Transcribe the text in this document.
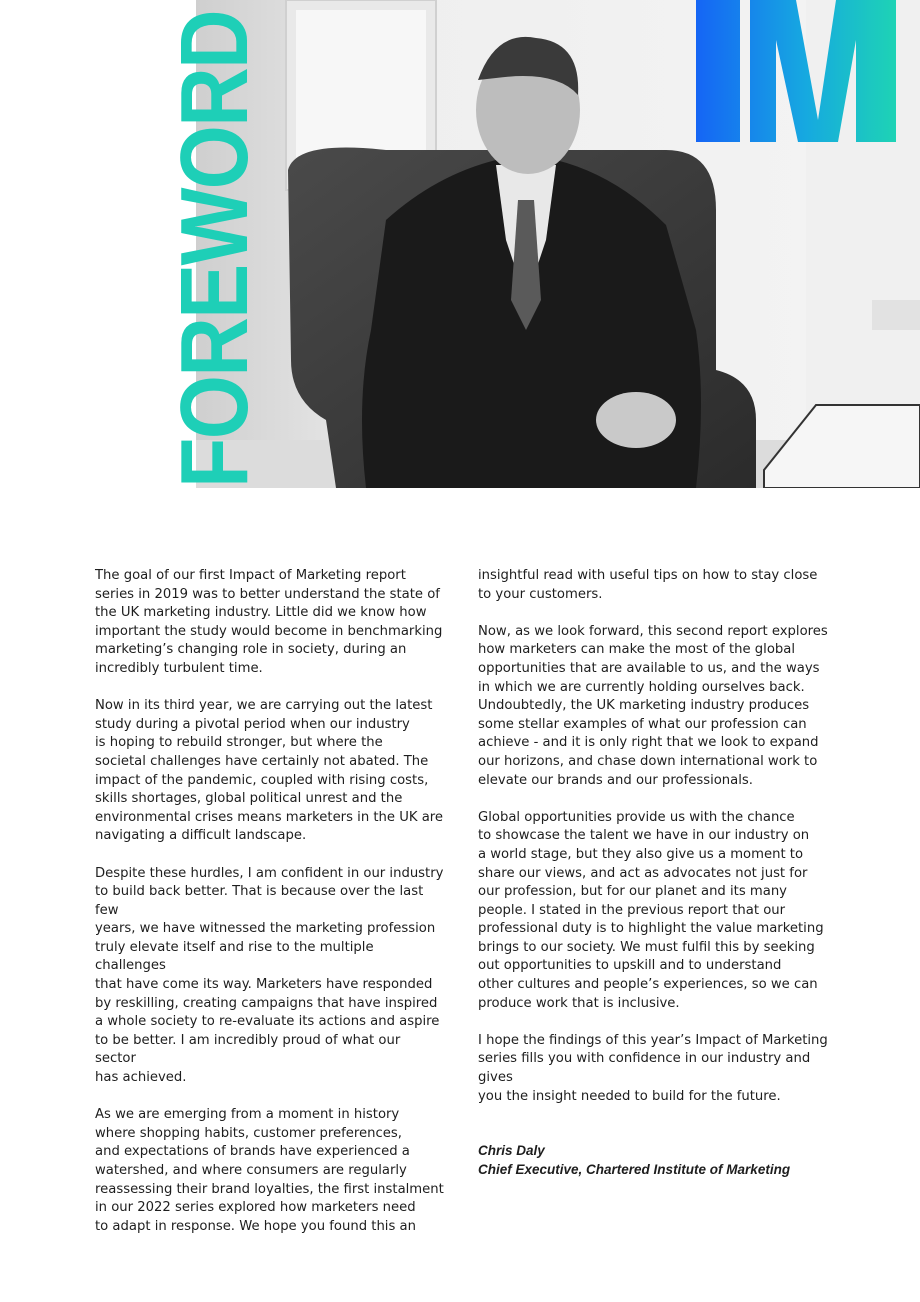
FOREWORD

The goal of our first Impact of Marketing report
series in 2019 was to better understand the state of
the UK marketing industry. Little did we know how
important the study would become in benchmarking
marketing’s changing role in society, during an
incredibly turbulent time.

Now in its third year, we are carrying out the latest
study during a pivotal period when our industry
is hoping to rebuild stronger, but where the
societal challenges have certainly not abated. The
impact of the pandemic, coupled with rising costs,
skills shortages, global political unrest and the
environmental crises means marketers in the UK are
navigating a difficult landscape.

Despite these hurdles, I am confident in our industry
to build back better. That is because over the last few
years, we have witnessed the marketing profession
truly elevate itself and rise to the multiple challenges
that have come its way. Marketers have responded
by reskilling, creating campaigns that have inspired
a whole society to re-evaluate its actions and aspire
to be better. I am incredibly proud of what our sector
has achieved.

As we are emerging from a moment in history
where shopping habits, customer preferences,
and expectations of brands have experienced a
watershed, and where consumers are regularly
reassessing their brand loyalties, the first instalment
in our 2022 series explored how marketers need
to adapt in response. We hope you found this an

insightful read with useful tips on how to stay close
to your customers.

Now, as we look forward, this second report explores
how marketers can make the most of the global
opportunities that are available to us, and the ways
in which we are currently holding ourselves back.
Undoubtedly, the UK marketing industry produces
some stellar examples of what our profession can
achieve - and it is only right that we look to expand
our horizons, and chase down international work to
elevate our brands and our professionals.

Global opportunities provide us with the chance
to showcase the talent we have in our industry on
a world stage, but they also give us a moment to
share our views, and act as advocates not just for
our profession, but for our planet and its many
people. I stated in the previous report that our
professional duty is to highlight the value marketing
brings to our society. We must fulfil this by seeking
out opportunities to upskill and to understand
other cultures and people’s experiences, so we can
produce work that is inclusive.

I hope the findings of this year’s Impact of Marketing
series fills you with confidence in our industry and gives
you the insight needed to build for the future.

Chris Daly
Chief Executive, Chartered Institute of Marketing
